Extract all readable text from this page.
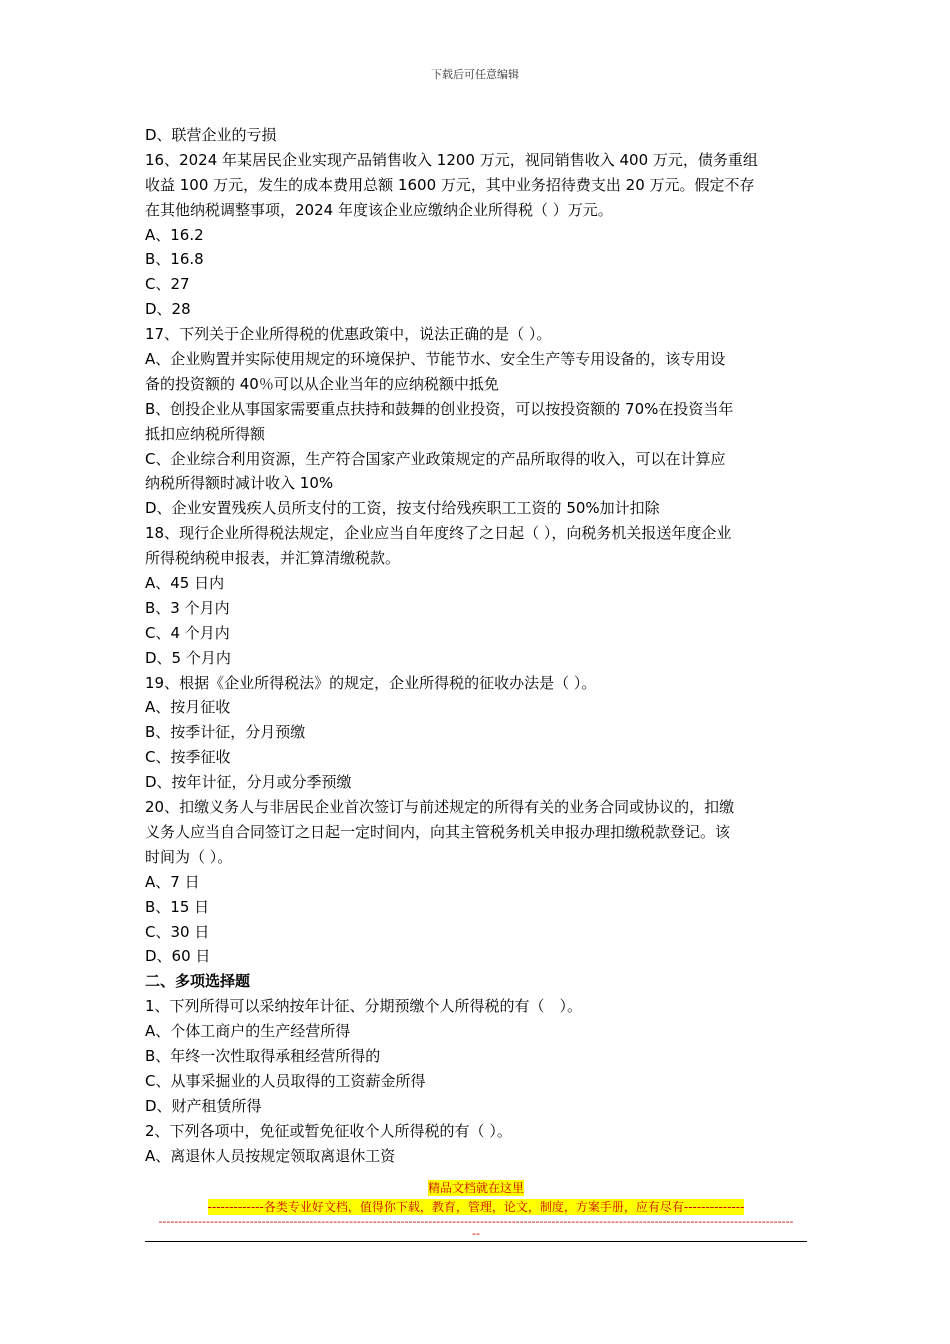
下载后可任意编辑
D、联营企业的亏损
16、2024 年某居民企业实现产品销售收入 1200 万元，视同销售收入 400 万元，债务重组
收益 100 万元，发生的成本费用总额 1600 万元，其中业务招待费支出 20 万元。假定不存
在其他纳税调整事项，2024 年度该企业应缴纳企业所得税（ ）万元。
A、16.2
B、16.8
C、27
D、28
17、下列关于企业所得税的优惠政策中，说法正确的是（ ）。
A、企业购置并实际使用规定的环境保护、节能节水、安全生产等专用设备的，该专用设
备的投资额的 40％可以从企业当年的应纳税额中抵免
B、创投企业从事国家需要重点扶持和鼓舞的创业投资，可以按投资额的 70%在投资当年
抵扣应纳税所得额
C、企业综合利用资源，生产符合国家产业政策规定的产品所取得的收入，可以在计算应
纳税所得额时减计收入 10%
D、企业安置残疾人员所支付的工资，按支付给残疾职工工资的 50%加计扣除
18、现行企业所得税法规定，企业应当自年度终了之日起（ ），向税务机关报送年度企业
所得税纳税申报表，并汇算清缴税款。
A、45 日内
B、3 个月内
C、4 个月内
D、5 个月内
19、根据《企业所得税法》的规定，企业所得税的征收办法是（ ）。
A、按月征收
B、按季计征，分月预缴
C、按季征收
D、按年计征，分月或分季预缴
20、扣缴义务人与非居民企业首次签订与前述规定的所得有关的业务合同或协议的，扣缴
义务人应当自合同签订之日起一定时间内，向其主管税务机关申报办理扣缴税款登记。该
时间为（ ）。
A、7 日
B、15 日
C、30 日
D、60 日
二、多项选择题
1、下列所得可以采纳按年计征、分期预缴个人所得税的有（　）。
A、个体工商户的生产经营所得
B、年终一次性取得承租经营所得的
C、从事采掘业的人员取得的工资薪金所得
D、财产租赁所得
2、下列各项中，免征或暂免征收个人所得税的有（ ）。
A、离退休人员按规定领取离退休工资
精品文档就在这里
-------------各类专业好文档，值得你下载，教育，管理，论文，制度，方案手册，应有尽有--------------
----------------------------------------------------------------------------------------------------------------------------------------------------------------
--
